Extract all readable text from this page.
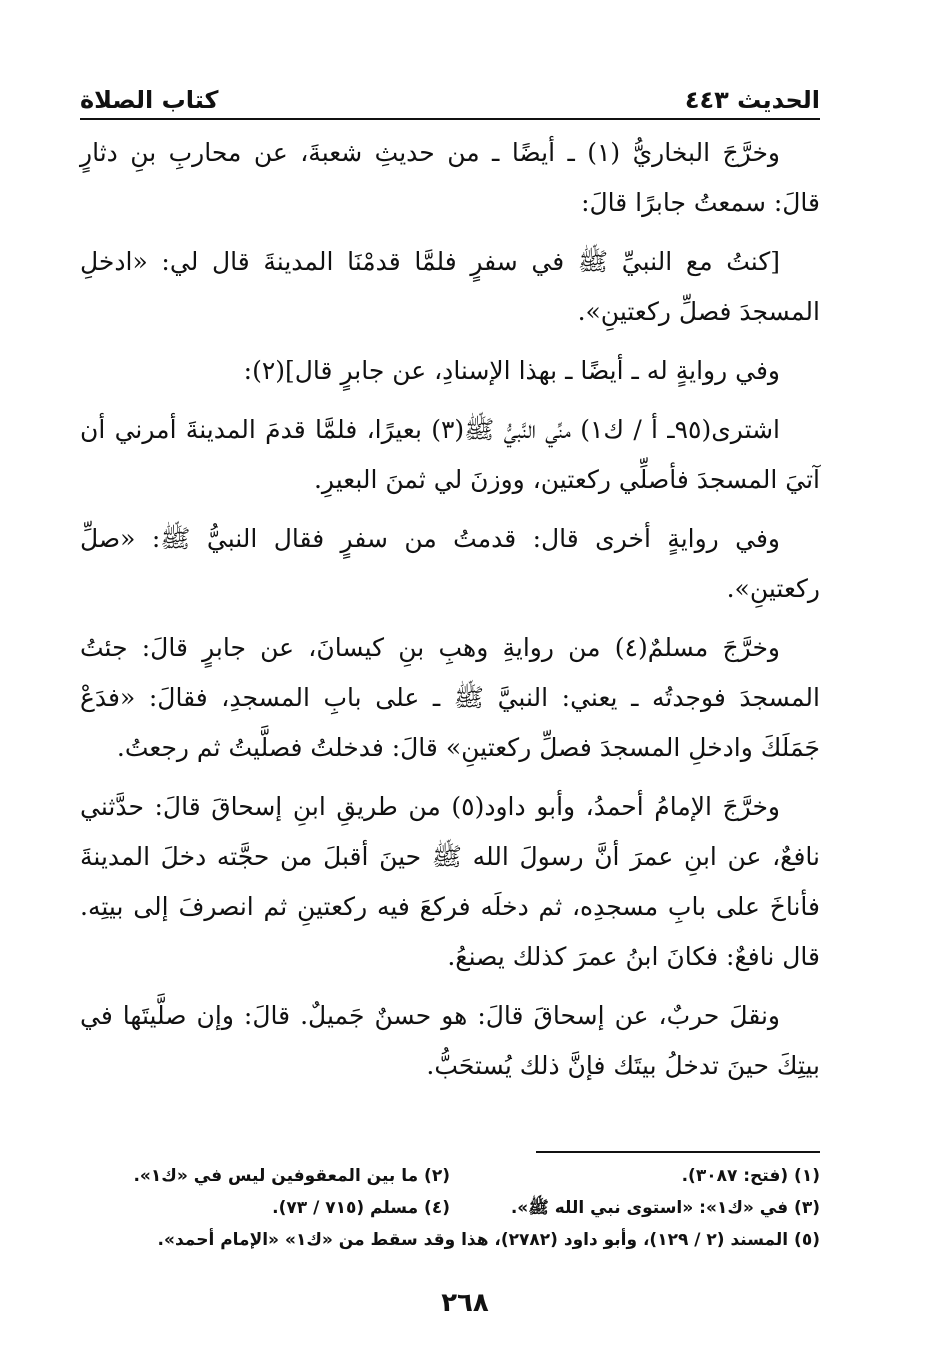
الحديث ٤٤٣
كتاب الصلاة

وخرَّجَ البخاريُّ (١) ـ أيضًا ـ من حديثِ شعبةَ، عن محاربِ بنِ دثارٍ قالَ: سمعتُ جابرًا قالَ:

[كنتُ مع النبيِّ ﷺ في سفرٍ فلمَّا قدمْنَا المدينةَ قال لي: «ادخلِ المسجدَ فصلِّ ركعتينِ».

وفي روايةٍ له ـ أيضًا ـ بهذا الإسنادِ، عن جابرٍ قال](٢):

اشترى(٩٥ـ أ / ك١) منِّي النَّبيُّ ﷺ(٣) بعيرًا، فلمَّا قدمَ المدينةَ أمرني أن آتيَ المسجدَ فأصلِّي ركعتين، ووزنَ لي ثمنَ البعيرِ.

وفي روايةٍ أخرى قال: قدمتُ من سفرٍ فقال النبيُّ ﷺ: «صلِّ ركعتينِ».

وخرَّجَ مسلمٌ(٤) من روايةِ وهبِ بنِ كيسانَ، عن جابرٍ قالَ: جئتُ المسجدَ فوجدتُه ـ يعني: النبيَّ ﷺ ـ على بابِ المسجدِ، فقالَ: «فدَعْ جَمَلَكَ وادخلِ المسجدَ فصلِّ ركعتينِ» قالَ: فدخلتُ فصلَّيتُ ثم رجعتُ.

وخرَّجَ الإمامُ أحمدُ، وأبو داود(٥) من طريقِ ابنِ إسحاقَ قالَ: حدَّثني نافعٌ، عن ابنِ عمرَ أنَّ رسولَ الله ﷺ حينَ أقبلَ من حجَّته دخلَ المدينةَ فأناخَ على بابِ مسجدِه، ثم دخلَه فركعَ فيه ركعتينِ ثم انصرفَ إلى بيتِه. قال نافعٌ: فكانَ ابنُ عمرَ كذلك يصنعُ.

ونقلَ حربٌ، عن إسحاقَ قالَ: هو حسنٌ جَميلٌ. قالَ: وإن صلَّيتَها في بيتِكَ حينَ تدخلُ بيتَك فإنَّ ذلك يُستحَبُّ.

(١) (فتح: ٣٠٨٧).
(٢) ما بين المعقوفين ليس في «ك١».
(٣) في «ك١»: «استوى نبي الله ﷺ».
(٤) مسلم (٧١٥ / ٧٣).
(٥) المسند (٢ / ١٢٩)، وأبو داود (٢٧٨٢)، هذا وقد سقط من «ك١» «الإمام أحمد».
٢٦٨
